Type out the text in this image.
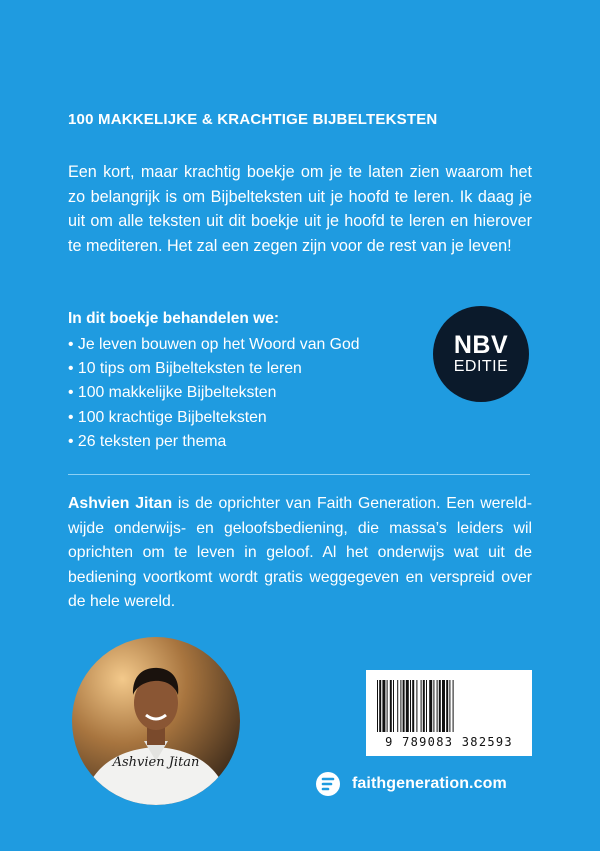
100 MAKKELIJKE & KRACHTIGE BIJBELTEKSTEN
Een kort, maar krachtig boekje om je te laten zien waarom het zo belangrijk is om Bijbelteksten uit je hoofd te leren. Ik daag je uit om alle teksten uit dit boekje uit je hoofd te leren en hierover te mediteren. Het zal een zegen zijn voor de rest van je leven!
In dit boekje behandelen we:
• Je leven bouwen op het Woord van God
• 10 tips om Bijbelteksten te leren
• 100 makkelijke Bijbelteksten
• 100 krachtige Bijbelteksten
• 26 teksten per thema
NBV
EDITIE
Ashvien Jitan is de oprichter van Faith Generation. Een wereld-wijde onderwijs- en geloofsbediening, die massa’s leiders wil oprichten om te leven in geloof. Al het onderwijs wat uit de bediening voortkomt wordt gratis weggegeven en verspreid over de hele wereld.
Ashvien Jitan
9 789083 382593
faithgeneration.com
